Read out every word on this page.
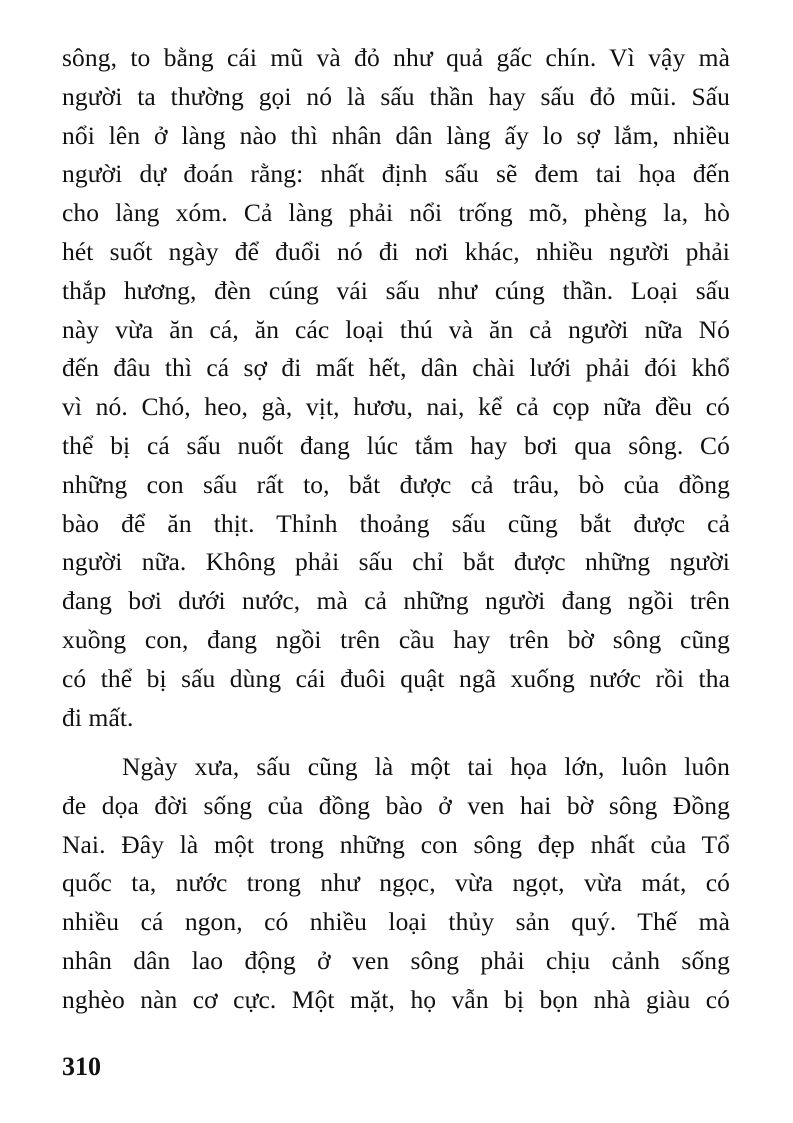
sông, to bằng cái mũ và đỏ như quả gấc chín. Vì vậy mà
người ta thường gọi nó là sấu thần hay sấu đỏ mũi. Sấu
nổi lên ở làng nào thì nhân dân làng ấy lo sợ lắm, nhiều
người dự đoán rằng: nhất định sấu sẽ đem tai họa đến
cho làng xóm. Cả làng phải nổi trống mõ, phèng la, hò
hét suốt ngày để đuổi nó đi nơi khác, nhiều người phải
thắp hương, đèn cúng vái sấu như cúng thần. Loại sấu
này vừa ăn cá, ăn các loại thú và ăn cả người nữa Nó
đến đâu thì cá sợ đi mất hết, dân chài lưới phải đói khổ
vì nó. Chó, heo, gà, vịt, hươu, nai, kể cả cọp nữa đều có
thể bị cá sấu nuốt đang lúc tắm hay bơi qua sông. Có
những con sấu rất to, bắt được cả trâu, bò của đồng
bào để ăn thịt. Thỉnh thoảng sấu cũng bắt được cả
người nữa. Không phải sấu chỉ bắt được những người
đang bơi dưới nước, mà cả những người đang ngồi trên
xuồng con, đang ngồi trên cầu hay trên bờ sông cũng
có thể bị sấu dùng cái đuôi quật ngã xuống nước rồi tha
đi mất.
Ngày xưa, sấu cũng là một tai họa lớn, luôn luôn
đe dọa đời sống của đồng bào ở ven hai bờ sông Đồng
Nai. Đây là một trong những con sông đẹp nhất của Tổ
quốc ta, nước trong như ngọc, vừa ngọt, vừa mát, có
nhiều cá ngon, có nhiều loại thủy sản quý. Thế mà
nhân dân lao động ở ven sông phải chịu cảnh sống
nghèo nàn cơ cực. Một mặt, họ vẫn bị bọn nhà giàu có
310
